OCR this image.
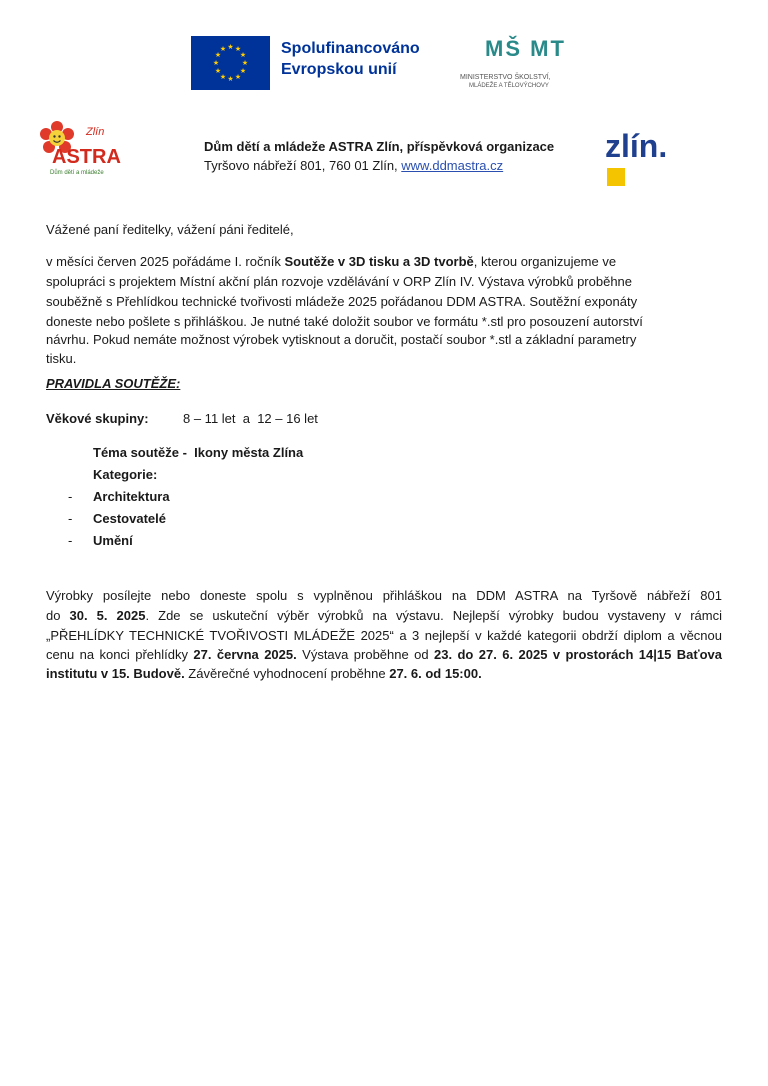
★ ★
★
★
★
★
★
★
★
★
★
★	Spolufinancováno
Evropskou unií
MŠ MT
MINISTERSTVO ŠKOLSTVÍ,
MLÁDEŽE A TĚLOVÝCHOVY
Zlín
ASTRA
Dům dětí a mládeže
Dům dětí a mládeže ASTRA Zlín, příspěvková organizace
Tyršovo nábřeží 801, 760 01 Zlín, www.ddmastra.cz
zlín.
Vážené paní ředitelky, vážení páni ředitelé,
v měsíci červen 2025 pořádáme I. ročník Soutěže v 3D tisku a 3D tvorbě, kterou organizujeme ve
spolupráci s projektem Místní akční plán rozvoje vzdělávání v ORP Zlín IV. Výstava výrobků proběhne
souběžně s Přehlídkou technické tvořivosti mládeže 2025 pořádanou DDM ASTRA. Soutěžní exponáty
doneste nebo pošlete s přihláškou. Je nutné také doložit soubor ve formátu *.stl pro posouzení autorství
návrhu. Pokud nemáte možnost výrobek vytisknout a doručit, postačí soubor *.stl a základní parametry
tisku.
PRAVIDLA SOUTĚŽE:
Věkové skupiny:	8 – 11 let  a  12 – 16 let
Téma soutěže -  Ikony města Zlína
Kategorie:
- Architektura
- Cestovatelé
- Umění
Výrobky posílejte nebo doneste spolu s vyplněnou přihláškou na DDM ASTRA na Tyršově nábřeží 801
do 30. 5. 2025. Zde se uskuteční výběr výrobků na výstavu. Nejlepší výrobky budou vystaveny v rámci
„PŘEHLÍDKY TECHNICKÉ TVOŘIVOSTI MLÁDEŽE 2025“ a 3 nejlepší v každé kategorii obdrží diplom a věcnou
cenu na konci přehlídky 27. června 2025. Výstava proběhne od 23. do 27. 6. 2025 v prostorách 14|15 Baťova
institutu v 15. Budově. Závěrečné vyhodnocení proběhne 27. 6. od 15:00.
